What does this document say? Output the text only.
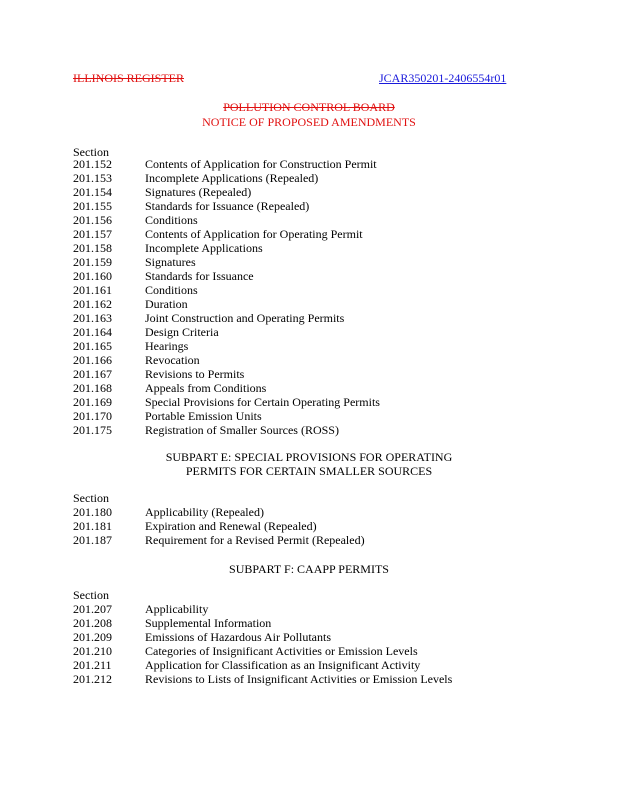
ILLINOIS REGISTER	JCAR350201-2406554r01
POLLUTION CONTROL BOARD
NOTICE OF PROPOSED AMENDMENTS
Section
201.152	Contents of Application for Construction Permit
201.153	Incomplete Applications (Repealed)
201.154	Signatures (Repealed)
201.155	Standards for Issuance (Repealed)
201.156	Conditions
201.157	Contents of Application for Operating Permit
201.158	Incomplete Applications
201.159	Signatures
201.160	Standards for Issuance
201.161	Conditions
201.162	Duration
201.163	Joint Construction and Operating Permits
201.164	Design Criteria
201.165	Hearings
201.166	Revocation
201.167	Revisions to Permits
201.168	Appeals from Conditions
201.169	Special Provisions for Certain Operating Permits
201.170	Portable Emission Units
201.175	Registration of Smaller Sources (ROSS)
SUBPART E: SPECIAL PROVISIONS FOR OPERATING
PERMITS FOR CERTAIN SMALLER SOURCES
Section
201.180	Applicability (Repealed)
201.181	Expiration and Renewal (Repealed)
201.187	Requirement for a Revised Permit (Repealed)
SUBPART F: CAAPP PERMITS
Section
201.207	Applicability
201.208	Supplemental Information
201.209	Emissions of Hazardous Air Pollutants
201.210	Categories of Insignificant Activities or Emission Levels
201.211	Application for Classification as an Insignificant Activity
201.212	Revisions to Lists of Insignificant Activities or Emission Levels
